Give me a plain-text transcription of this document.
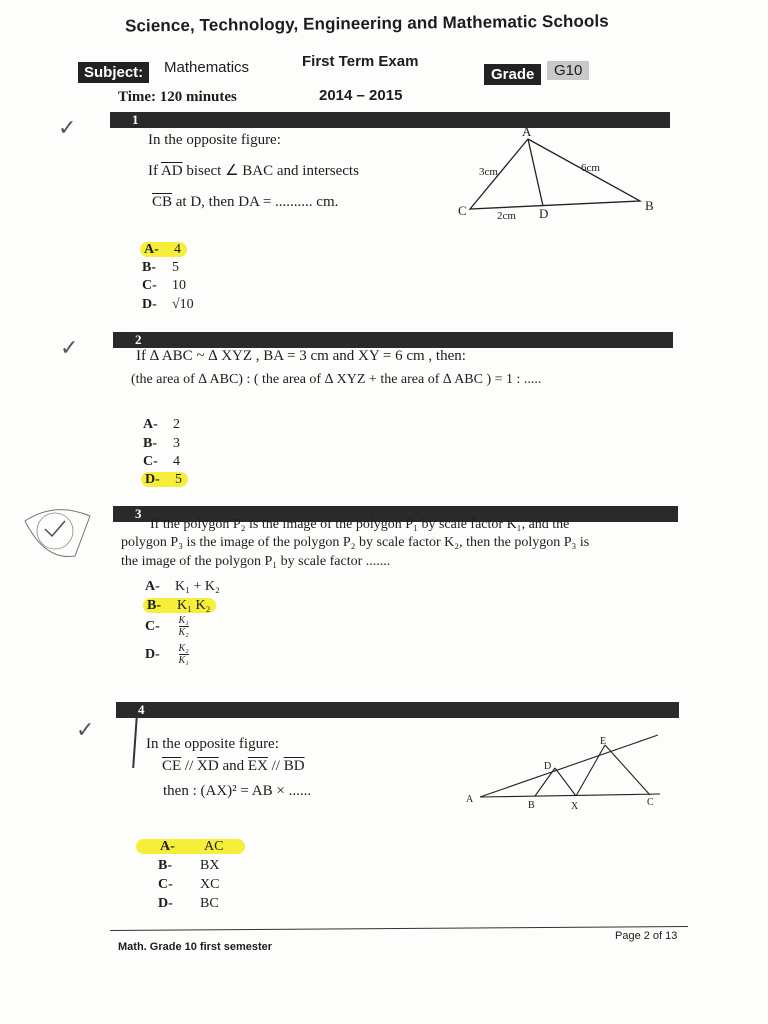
Science, Technology, Engineering and Mathematic Schools
Subject:	Mathematics	First Term Exam
Grade	G10
Time: 120 minutes	2014 – 2015
1
✓	In the opposite figure:
If $\overline{AD}$ bisect ∠ BAC and intersects
$\overline{CB}$ at D, then DA = .......... cm.
A
B
C	D
3cm	6cm
2cm
A- 4
B- 5
C- 10
D- √10
2
✓	If ∆ ABC ~ ∆ XYZ , BA = 3 cm and XY = 6 cm , then:
(the area of ∆ ABC) : ( the area of ∆ XYZ + the area of ∆ ABC ) = 1 : .....
A- 2
B- 3
C- 4
D- 5
3
If the polygon P₂ is the image of the polygon P₁ by scale factor K₁, and the
polygon P₃ is the image of the polygon P₂ by scale factor K₂, then the polygon P₃ is
the image of the polygon P₁ by scale factor .......
A- K₁ + K₂
B- K₁ K₂
$C- \frac{\text{K₁}}{\text{K₂}}$
$D- \frac{\text{K₂}}{\text{K₁}}$
4
✓
In the opposite figure:
$\overline{CE} // \overline{XD}$ and $\overline{EX} // \overline{BD}$
then : (AX)² = AB × ......
A
B	X	C
D
E
A- AC
B- BX
C- XC
D- BC
Math. Grade 10 first semester
Page 2 of 13
